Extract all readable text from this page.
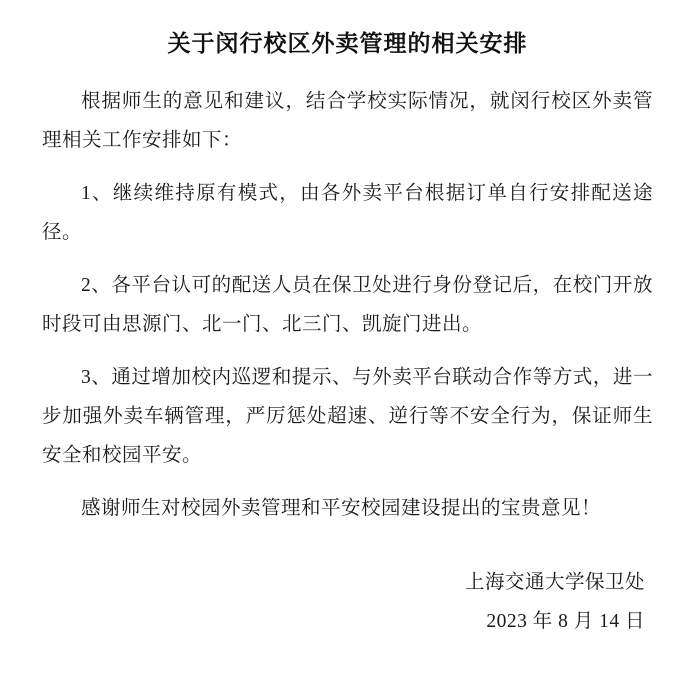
关于闵行校区外卖管理的相关安排

根据师生的意见和建议，结合学校实际情况，就闵行校区外卖管理相关工作安排如下：

1、继续维持原有模式，由各外卖平台根据订单自行安排配送途径。

2、各平台认可的配送人员在保卫处进行身份登记后，在校门开放时段可由思源门、北一门、北三门、凯旋门进出。

3、通过增加校内巡逻和提示、与外卖平台联动合作等方式，进一步加强外卖车辆管理，严厉惩处超速、逆行等不安全行为，保证师生安全和校园平安。

感谢师生对校园外卖管理和平安校园建设提出的宝贵意见！

上海交通大学保卫处
2023 年 8 月 14 日
